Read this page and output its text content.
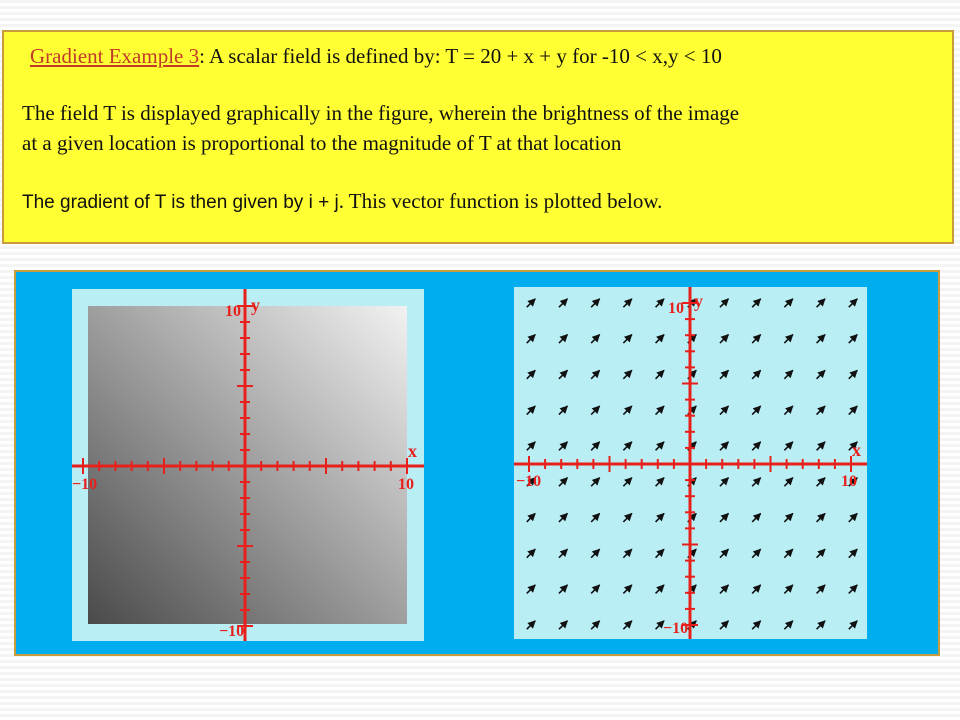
Gradient Example 3: A scalar field is defined by: T = 20 + x + y for -10 < x,y < 10
The field T is displayed graphically in the figure, wherein the brightness of the image
at a given location is proportional to the magnitude of T at that location
The gradient of T is then given by i + j. This vector function is plotted below.
y
x
10
−10
−10	10
y
x
10
−10
−10	10
